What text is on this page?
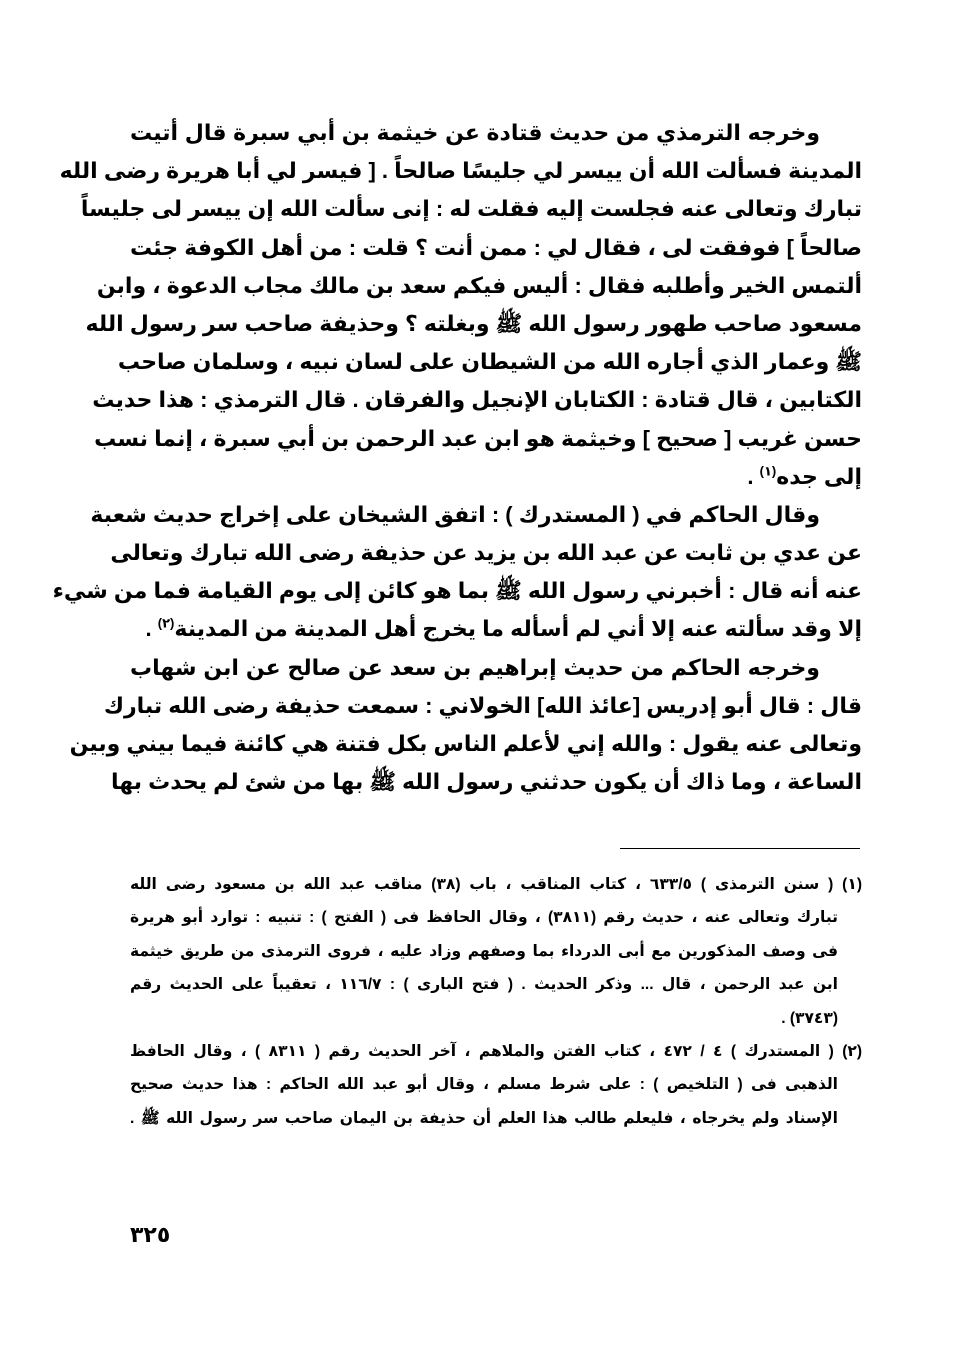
وخرجه الترمذي من حديث قتادة عن خيثمة بن أبي سبرة قال أتيت
المدينة فسألت الله أن ييسر لي جليسًا صالحاً . [ فيسر لي أبا هريرة رضى الله
تبارك وتعالى عنه فجلست إليه فقلت له : إنى سألت الله إن ييسر لى جليساً
صالحاً ] فوفقت لى ، فقال لي : ممن أنت ؟ قلت : من أهل الكوفة جئت
ألتمس الخير وأطلبه فقال : أليس فيكم سعد بن مالك مجاب الدعوة ، وابن
مسعود صاحب طهور رسول الله ﷺ وبغلته ؟ وحذيفة صاحب سر رسول الله
ﷺ وعمار الذي أجاره الله من الشيطان على لسان نبيه ، وسلمان صاحب
الكتابين ، قال قتادة : الكتابان الإنجيل والفرقان . قال الترمذي : هذا حديث
حسن غريب [ صحيح ] وخيثمة هو ابن عبد الرحمن بن أبي سبرة ، إنما نسب
إلى جده$^{(١)}$ .
وقال الحاكم في ( المستدرك ) : اتفق الشيخان على إخراج حديث شعبة
عن عدي بن ثابت عن عبد الله بن يزيد عن حذيفة رضى الله تبارك وتعالى
عنه أنه قال : أخبرني رسول الله ﷺ بما هو كائن إلى يوم القيامة فما من شيء
إلا وقد سألته عنه إلا أني لم أسأله ما يخرج أهل المدينة من المدينة$^{(٢)}$ .
وخرجه الحاكم من حديث إبراهيم بن سعد عن صالح عن ابن شهاب
قال : قال أبو إدريس [عائذ الله] الخولاني : سمعت حذيفة رضى الله تبارك
وتعالى عنه يقول : والله إني لأعلم الناس بكل فتنة هي كائنة فيما بيني وبين
الساعة ، وما ذاك أن يكون حدثني رسول الله ﷺ بها من شئ لم يحدث بها
(١) ( سنن الترمذى ) ٦٣٣/٥ ، كتاب المناقب ، باب (٣٨) مناقب عبد الله بن مسعود رضى الله
تبارك وتعالى عنه ، حديث رقم (٣٨١١) ، وقال الحافظ فى ( الفتح ) : تنبيه : توارد أبو هريرة
فى وصف المذكورين مع أبى الدرداء بما وصفهم وزاد عليه ، فروى الترمذى من طريق خيثمة
ابن عبد الرحمن ، قال ... وذكر الحديث . ( فتح البارى ) : ١١٦/٧ ، تعقيباً على الحديث رقم
(٣٧٤٣) .
(٢) ( المستدرك ) ٤ / ٤٧٢ ، كتاب الفتن والملاهم ، آخر الحديث رقم ( ٨٣١١ ) ، وقال الحافظ
الذهبى فى ( التلخيص ) : على شرط مسلم ، وقال أبو عبد الله الحاكم : هذا حديث صحيح
الإسناد ولم يخرجاه ، فليعلم طالب هذا العلم أن حذيفة بن اليمان صاحب سر رسول الله ﷺ .
٣٢٥
